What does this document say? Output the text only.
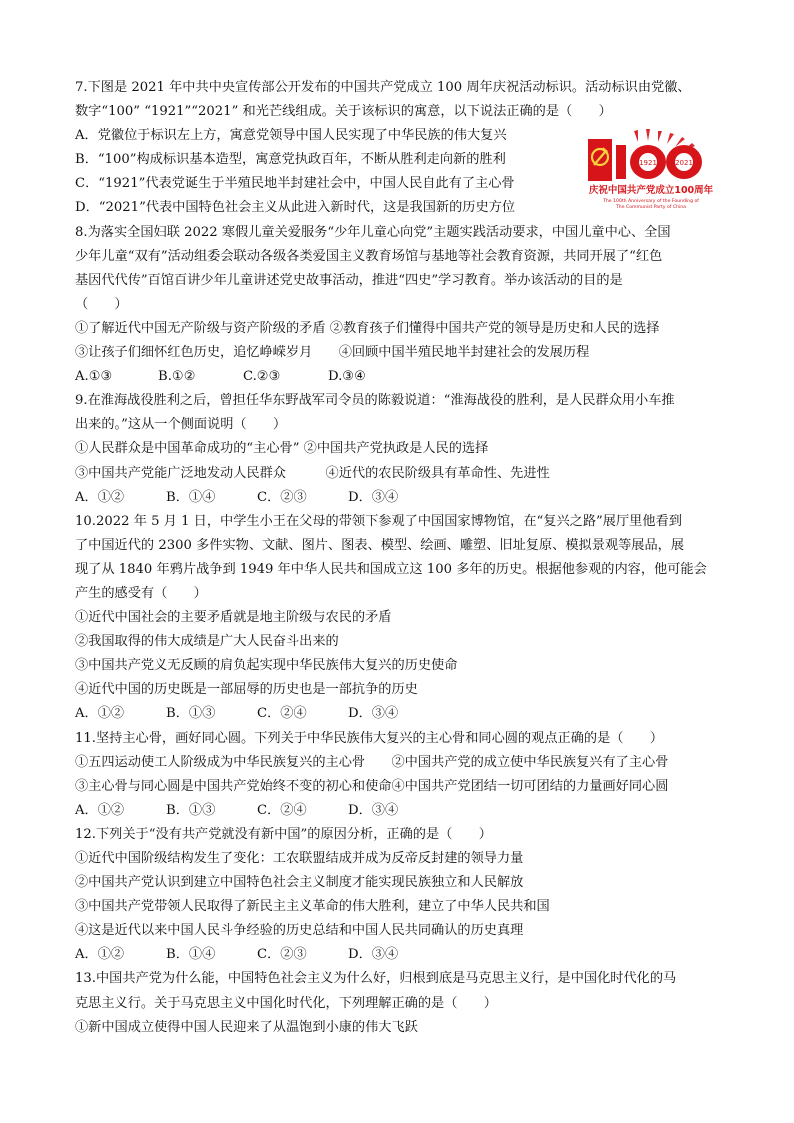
7.下图是 2021 年中共中央宣传部公开发布的中国共产党成立 100 周年庆祝活动标识。活动标识由党徽、
数字“100” “1921”“2021” 和光芒线组成。关于该标识的寓意，以下说法正确的是（　　）
A．党徽位于标识左上方，寓意党领导中国人民实现了中华民族的伟大复兴
B．“100”构成标识基本造型，寓意党执政百年，不断从胜利走向新的胜利
C．“1921”代表党诞生于半殖民地半封建社会中，中国人民自此有了主心骨
D．“2021”代表中国特色社会主义从此进入新时代，这是我国新的历史方位
8.为落实全国妇联 2022 寒假儿童关爱服务“少年儿童心向党”主题实践活动要求，中国儿童中心、全国
少年儿童“双有”活动组委会联动各级各类爱国主义教育场馆与基地等社会教育资源，共同开展了“红色
基因代代传”百馆百讲少年儿童讲述党史故事活动，推进“四史”学习教育。举办该活动的目的是
（　　）
①了解近代中国无产阶级与资产阶级的矛盾 ②教育孩子们懂得中国共产党的领导是历史和人民的选择
③让孩子们细怀红色历史，追忆峥嵘岁月　　④回顾中国半殖民地半封建社会的发展历程
A.①③	B.①②	C.②③	D.③④
9.在淮海战役胜利之后，曾担任华东野战军司令员的陈毅说道：“淮海战役的胜利，是人民群众用小车推
出来的。”这从一个侧面说明（　　）
①人民群众是中国革命成功的“主心骨” ②中国共产党执政是人民的选择
③中国共产党能广泛地发动人民群众　　　④近代的农民阶级具有革命性、先进性
A．①②	B．①④	C．②③	D．③④
10.2022 年 5 月 1 日，中学生小王在父母的带领下参观了中国国家博物馆，在“复兴之路”展厅里他看到
了中国近代的 2300 多件实物、文献、图片、图表、模型、绘画、雕塑、旧址复原、模拟景观等展品，展
现了从 1840 年鸦片战争到 1949 年中华人民共和国成立这 100 多年的历史。根据他参观的内容，他可能会
产生的感受有（　　）
①近代中国社会的主要矛盾就是地主阶级与农民的矛盾
②我国取得的伟大成绩是广大人民奋斗出来的
③中国共产党义无反顾的肩负起实现中华民族伟大复兴的历史使命
④近代中国的历史既是一部屈辱的历史也是一部抗争的历史
A．①②	B．①③	C．②④	D．③④
11.坚持主心骨，画好同心圆。下列关于中华民族伟大复兴的主心骨和同心圆的观点正确的是（　　）
①五四运动使工人阶级成为中华民族复兴的主心骨　　②中国共产党的成立使中华民族复兴有了主心骨
③主心骨与同心圆是中国共产党始终不变的初心和使命④中国共产党团结一切可团结的力量画好同心圆
A．①②	B．①③	C．②④	D．③④
12.下列关于“没有共产党就没有新中国”的原因分析，正确的是（　　）
①近代中国阶级结构发生了变化：工农联盟结成并成为反帝反封建的领导力量
②中国共产党认识到建立中国特色社会主义制度才能实现民族独立和人民解放
③中国共产党带领人民取得了新民主主义革命的伟大胜利，建立了中华人民共和国
④这是近代以来中国人民斗争经验的历史总结和中国人民共同确认的历史真理
A．①②	B．①④	C．②③	D．③④
13.中国共产党为什么能，中国特色社会主义为什么好，归根到底是马克思主义行，是中国化时代化的马
克思主义行。关于马克思主义中国化时代化，下列理解正确的是（　　）
①新中国成立使得中国人民迎来了从温饱到小康的伟大飞跃
1921	2021
庆祝中国共产党成立100周年
The 100th Anniversary of the Founding of
The Communist Party of China
